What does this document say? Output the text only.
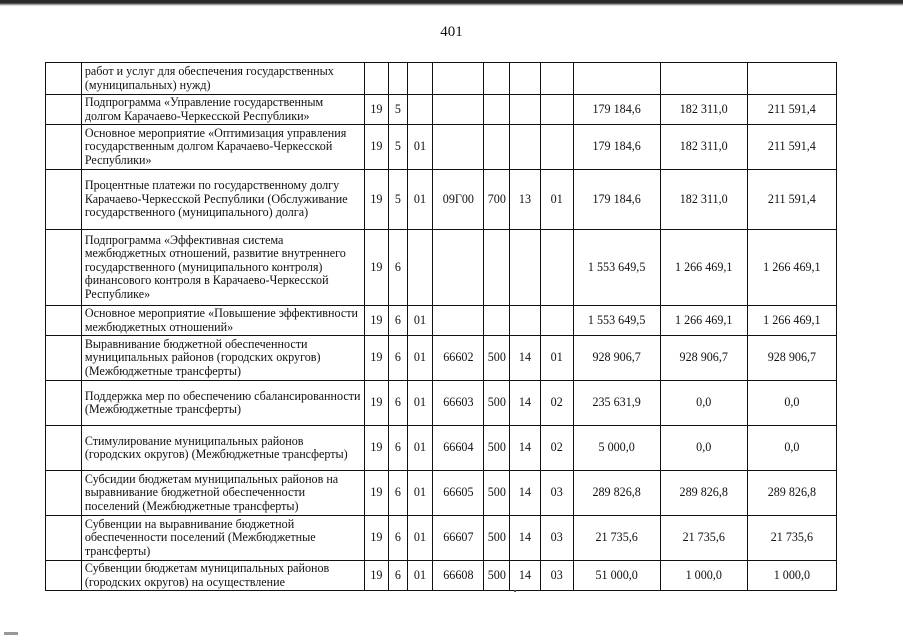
401
	работ и услуг для обеспечения государственных (муниципальных) нужд)										
	Подпрограмма «Управление государственным долгом Карачаево-Черкесской Республики»	19	5						179 184,6	182 311,0	211 591,4
	Основное мероприятие «Оптимизация управления государственным долгом Карачаево-Черкесской Республики»	19	5	01					179 184,6	182 311,0	211 591,4
	Процентные платежи по государственному долгу Карачаево-Черкесской Республики (Обслуживание государственного (муниципального) долга)	19	5	01	09Г00	700	13	01	179 184,6	182 311,0	211 591,4
	Подпрограмма «Эффективная система межбюджетных отношений, развитие внутреннего государственного (муниципального контроля) финансового контроля в Карачаево-Черкесской Республике»	19	6						1 553 649,5	1 266 469,1	1 266 469,1
	Основное мероприятие «Повышение эффективности межбюджетных отношений»	19	6	01					1 553 649,5	1 266 469,1	1 266 469,1
	Выравнивание бюджетной обеспеченности муниципальных районов (городских округов) (Межбюджетные трансферты)	19	6	01	66602	500	14	01	928 906,7	928 906,7	928 906,7
	Поддержка мер по обеспечению сбалансированности (Межбюджетные трансферты)	19	6	01	66603	500	14	02	235 631,9	0,0	0,0
	Стимулирование муниципальных районов (городских округов) (Межбюджетные трансферты)	19	6	01	66604	500	14	02	5 000,0	0,0	0,0
	Субсидии бюджетам муниципальных районов на выравнивание бюджетной обеспеченности поселений (Межбюджетные трансферты)	19	6	01	66605	500	14	03	289 826,8	289 826,8	289 826,8
	Субвенции на выравнивание бюджетной обеспеченности поселений (Межбюджетные трансферты)	19	6	01	66607	500	14	03	21 735,6	21 735,6	21 735,6
	Субвенции бюджетам муниципальных районов (городских округов) на осуществление	19	6	01	66608	500	14	03	51 000,0	1 000,0	1 000,0
